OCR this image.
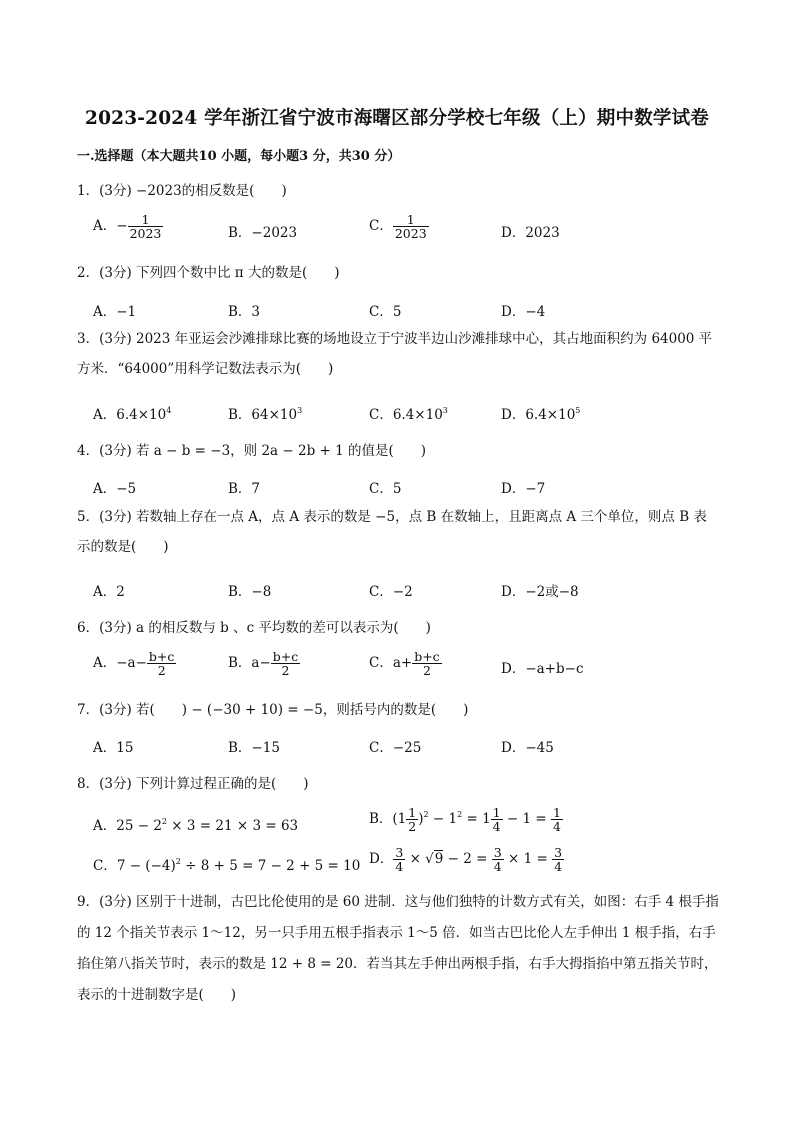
2023-2024 学年浙江省宁波市海曙区部分学校七年级（上）期中数学试卷
一.选择题（本大题共10 小题，每小题3 分，共30 分）
1．(3分) −2023的相反数是(　　)
A．− $\frac{1}{2023}$	B．−2023	C． $\frac{1}{2023}$	D．2023
2．(3分) 下列四个数中比 π 大的数是(　　)
A．−1	B．3	C．5	D．−4
3．(3分) 2023 年亚运会沙滩排球比赛的场地设立于宁波半边山沙滩排球中心，其占地面积约为 64000 平方米．“64000”用科学记数法表示为(　　)
A．$6.4\times 10^4$	B．$64\times 10^3$	C．$6.4\times 10^3$	D．$6.4\times 10^5$
4．(3分) 若 a − b = −3，则 2a − 2b + 1 的值是(　　)
A．−5	B．7	C．5	D．−7
5．(3分) 若数轴上存在一点 A，点 A 表示的数是 −5，点 B 在数轴上，且距离点 A 三个单位，则点 B 表示的数是(　　)
A．2	B．−8	C．−2	D．−2或−8
6．(3分) a 的相反数与 b 、c 平均数的差可以表示为(　　)
A．$-a- \frac{b+c}{2}$	B．$a- \frac{b+c}{2}$	C．$a+ \frac{b+c}{2}$	D．−a+b−c
7．(3分) 若(　　) − (−30 + 10) = −5，则括号内的数是(　　)
A．15	B．−15	C．−25	D．−45
8．(3分) 下列计算过程正确的是(　　)
A．$25 - 2^2 \times 3 = 21 \times 3 = 63$	B．$(1 \frac{1}{2} )^2 - 1^2 = 1 \frac{1}{4} - 1 = \frac{1}{4}$
C．$7 - (-4)^2 \div 8 + 5 = 7 - 2 + 5 = 10$ D． $\frac{3}{4} \times √9 - 2 = \frac{3}{4} \times 1 = \frac{3}{4}$
9．(3分) 区别于十进制，古巴比伦使用的是 60 进制．这与他们独特的计数方式有关，如图：右手 4 根手指的 12 个指关节表示 1～12，另一只手用五根手指表示 1～5 倍．如当古巴比伦人左手伸出 1 根手指，右手掐住第八指关节时，表示的数是 12 + 8 = 20．若当其左手伸出两根手指，右手大拇指掐中第五指关节时，表示的十进制数字是(　　)
